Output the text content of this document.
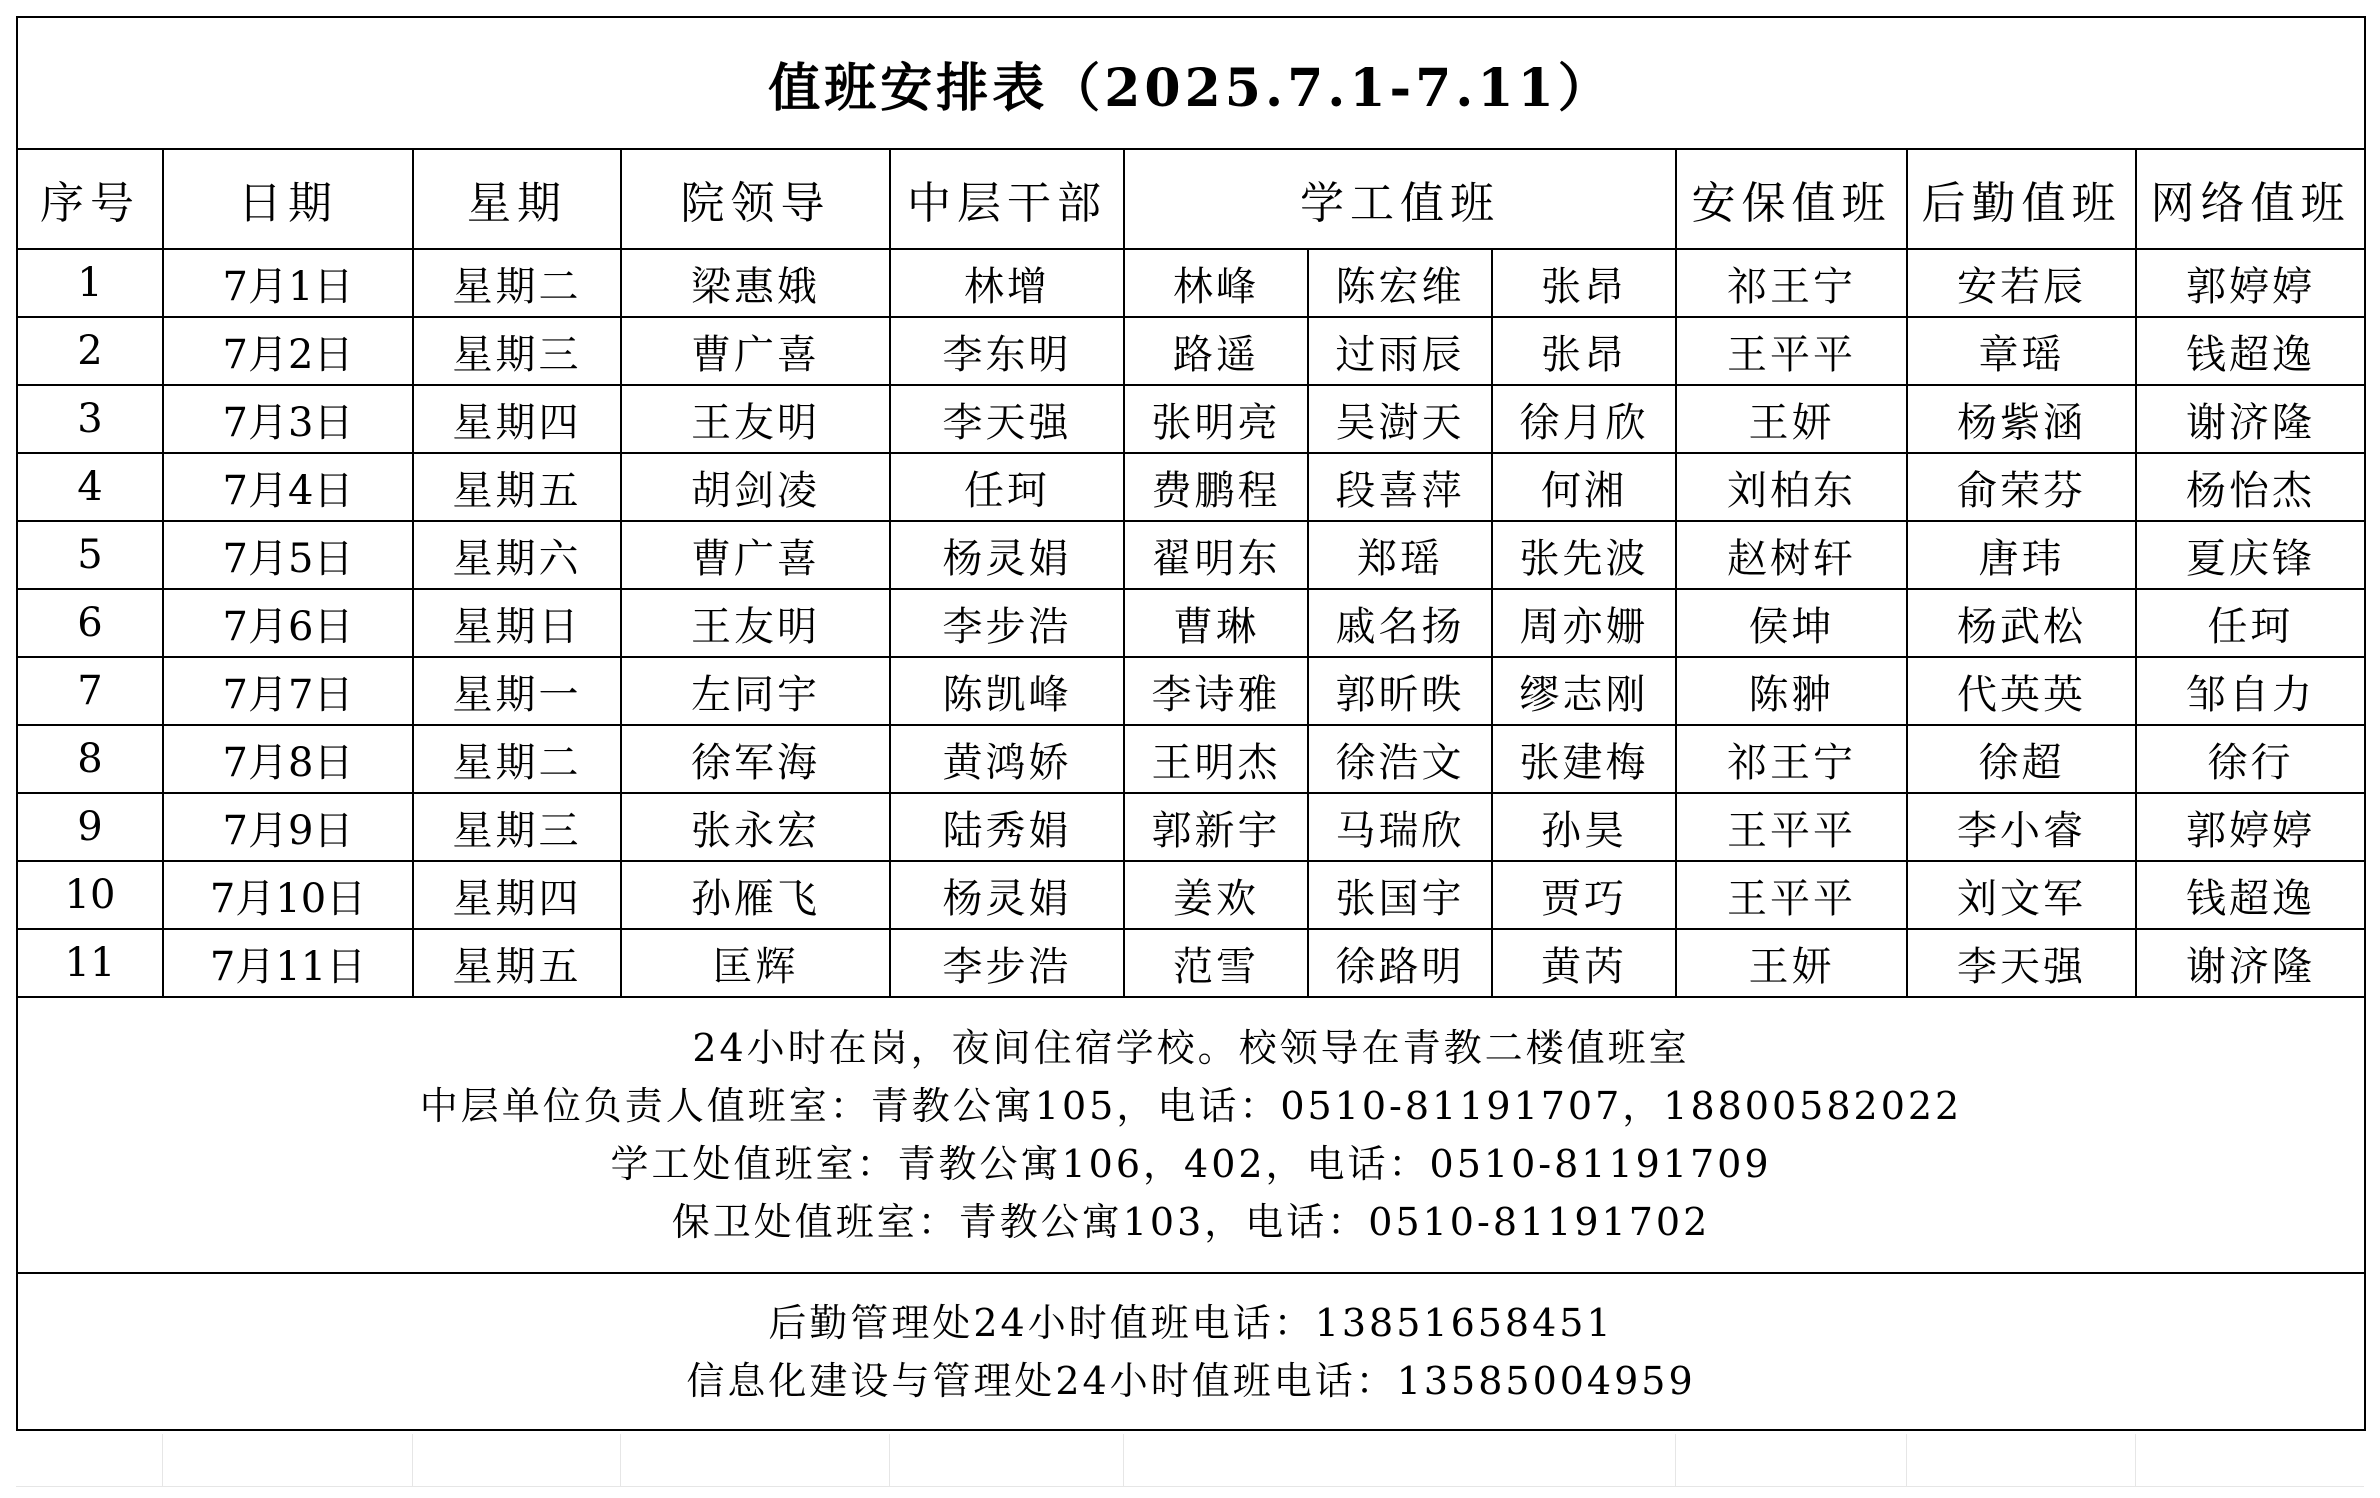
值班安排表（2025.7.1-7.11）										
序号	日期	星期	院领导	中层干部	学工值班			安保值班	后勤值班	网络值班
1	7月1日	星期二	梁惠娥	林增	林峰	陈宏维	张昂	祁王宁	安若辰	郭婷婷
2	7月2日	星期三	曹广喜	李东明	路遥	过雨辰	张昂	王平平	章瑶	钱超逸
3	7月3日	星期四	王友明	李天强	张明亮	吴澍天	徐月欣	王妍	杨紫涵	谢济隆
4	7月4日	星期五	胡剑凌	任珂	费鹏程	段喜萍	何湘	刘柏东	俞荣芬	杨怡杰
5	7月5日	星期六	曹广喜	杨灵娟	翟明东	郑瑶	张先波	赵树轩	唐玮	夏庆锋
6	7月6日	星期日	王友明	李步浩	曹琳	戚名扬	周亦姗	侯坤	杨武松	任珂
7	7月7日	星期一	左同宇	陈凯峰	李诗雅	郭昕昳	缪志刚	陈翀	代英英	邹自力
8	7月8日	星期二	徐军海	黄鸿娇	王明杰	徐浩文	张建梅	祁王宁	徐超	徐行
9	7月9日	星期三	张永宏	陆秀娟	郭新宇	马瑞欣	孙昊	王平平	李小睿	郭婷婷
10	7月10日	星期四	孙雁飞	杨灵娟	姜欢	张国宇	贾巧	王平平	刘文军	钱超逸
11	7月11日	星期五	匡辉	李步浩	范雪	徐路明	黄芮	王妍	李天强	谢济隆

24小时在岗，夜间住宿学校。校领导在青教二楼值班室
中层单位负责人值班室：青教公寓105，电话：0510-81191707，18800582022
学工处值班室：青教公寓106，402，电话：0510-81191709
保卫处值班室：青教公寓103，电话：0510-81191702										

后勤管理处24小时值班电话：13851658451
信息化建设与管理处24小时值班电话：13585004959										
